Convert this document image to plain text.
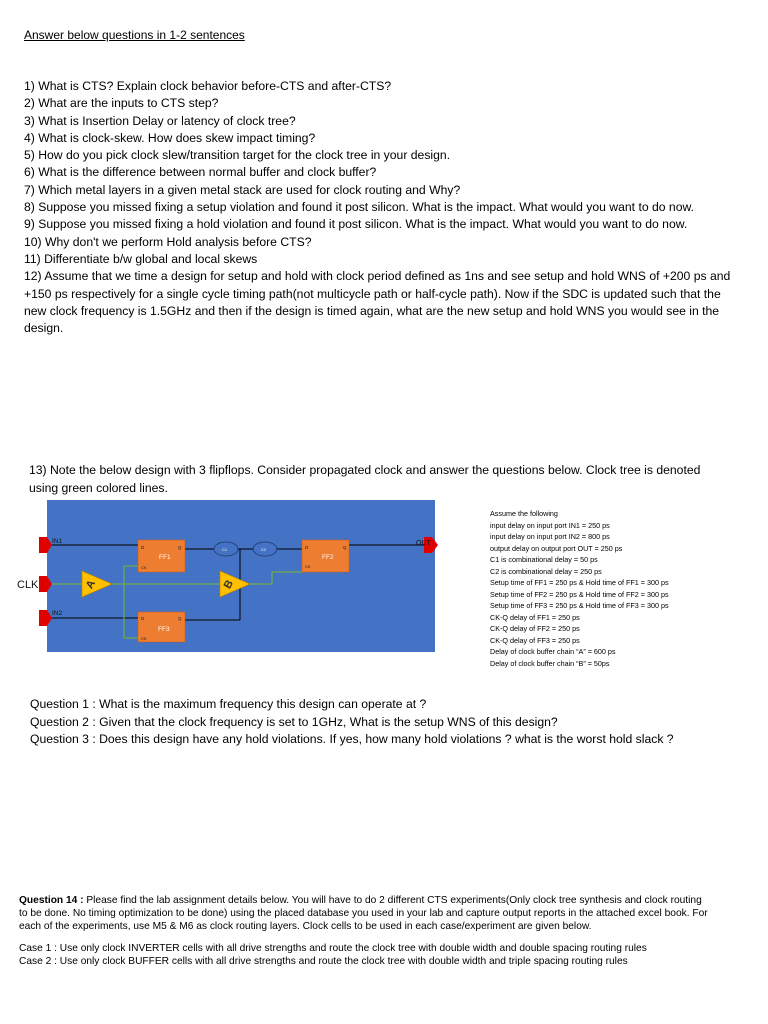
Answer below questions in 1-2 sentences

1) What is CTS? Explain clock behavior before-CTS and after-CTS?

2) What are the inputs to CTS step?

3) What is Insertion Delay or latency of clock tree?

4) What is clock-skew. How does skew impact timing?

5) How do you pick clock slew/transition target for the clock tree in your design.

6) What is the difference between normal buffer and clock buffer?

7) Which metal layers in a given metal stack are used for clock routing and Why?

8) Suppose you missed fixing a setup violation and found it post silicon. What is the impact. What would you want to do now.

9) Suppose you missed fixing a hold violation and found it post silicon. What is the impact. What would you want to do now.

10) Why don't we perform Hold analysis before CTS?

11) Differentiate b/w global and local skews

12) Assume that we time a design for setup and hold with clock period defined as 1ns and see setup and hold WNS of +200 ps and +150 ps respectively for a single cycle timing path(not multicycle path or half-cycle path). Now if the SDC is updated such that the new clock frequency is 1.5GHz and then if the design is timed again, what are the new setup and hold WNS you would see in the design.

13) Note the below design with 3 flipflops. Consider propagated clock and answer the questions below. Clock tree is denoted using green colored lines.
A	B
D	Q
CK
FF1
D	Q
CK
FF2
D	Q
CK
FF3
C1	C2
IN1
CLK
IN2
OUT
Assume the following
input delay on input port IN1 = 250 ps
input delay on input port IN2 = 800 ps
output delay on output port OUT = 250 ps
C1 is combinational delay = 50 ps
C2 is combinational delay = 250 ps
Setup time of FF1 = 250 ps & Hold time of FF1 = 300 ps
Setup time of FF2 = 250 ps & Hold time of FF2 = 300 ps
Setup time of FF3 = 250 ps & Hold time of FF3 = 300 ps
CK-Q delay of FF1 = 250 ps
CK-Q delay of FF2 = 250 ps
CK-Q delay of FF3 = 250 ps
Delay of clock buffer chain “A” = 600 ps
Delay of clock buffer chain “B” = 50ps

Question 1 : What is the maximum frequency this design can operate at ?

Question 2 : Given that the clock frequency is set to 1GHz, What is the setup WNS of this design?

Question 3 : Does this design have any hold violations. If yes, how many hold violations ? what is the worst hold slack ?

Question 14 : Please find the lab assignment details below. You will have to do 2 different CTS experiments(Only clock tree synthesis and clock routing to be done. No timing optimization to be done) using the placed database you used in your lab and capture output reports in the attached excel book. For each of the experiments, use M5 & M6 as clock routing layers. Clock cells to be used in each case/experiment are given below.

Case 1 : Use only clock INVERTER cells with all drive strengths and route the clock tree with double width and double spacing routing rules

Case 2 : Use only clock BUFFER cells with all drive strengths and route the clock tree with double width and triple spacing routing rules
